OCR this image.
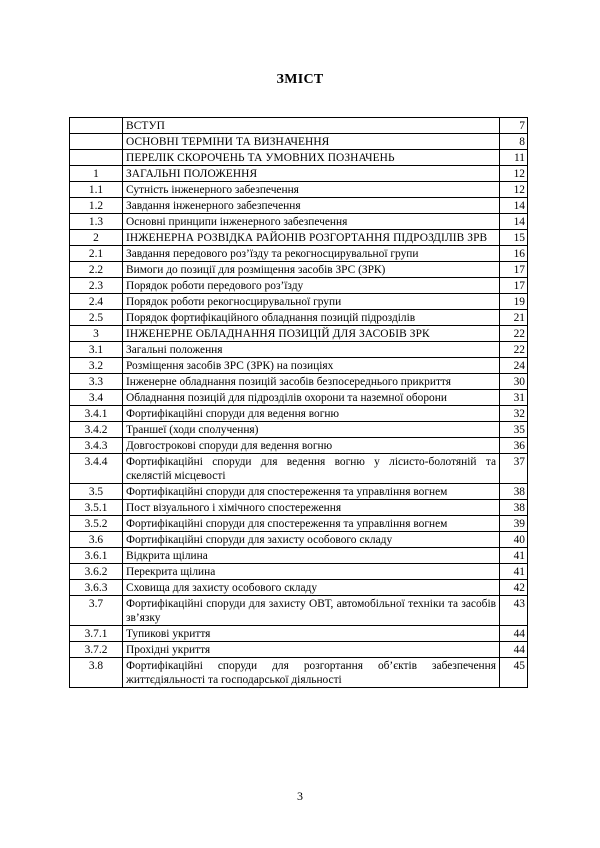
ЗМІСТ
	ВСТУП	7
	ОСНОВНІ ТЕРМІНИ ТА ВИЗНАЧЕННЯ	8
	ПЕРЕЛІК СКОРОЧЕНЬ ТА УМОВНИХ ПОЗНАЧЕНЬ	11
1	ЗАГАЛЬНІ ПОЛОЖЕННЯ	12
1.1	Сутність інженерного забезпечення	12
1.2	Завдання інженерного забезпечення	14
1.3	Основні принципи інженерного забезпечення	14
2	ІНЖЕНЕРНА РОЗВІДКА РАЙОНІВ РОЗГОРТАННЯ ПІДРОЗДІЛІВ ЗРВ	15
2.1	Завдання передового роз’їзду та рекогносцирувальної групи	16
2.2	Вимоги до позиції для розміщення засобів ЗРС (ЗРК)	17
2.3	Порядок роботи передового роз’їзду	17
2.4	Порядок роботи рекогносцирувальної групи	19
2.5	Порядок фортифікаційного обладнання позицій підрозділів	21
3	ІНЖЕНЕРНЕ ОБЛАДНАННЯ ПОЗИЦІЙ ДЛЯ ЗАСОБІВ ЗРК	22
3.1	Загальні положення	22
3.2	Розміщення засобів ЗРС (ЗРК) на позиціях	24
3.3	Інженерне обладнання позицій засобів безпосереднього прикриття	30
3.4	Обладнання позицій для підрозділів охорони та наземної оборони	31
3.4.1	Фортифікаційні споруди для ведення вогню	32
3.4.2	Траншеї (ходи сполучення)	35
3.4.3	Довгострокові споруди для ведення вогню	36
3.4.4	Фортифікаційні споруди для ведення вогню у лісисто-болотяній та скелястій місцевості	37
3.5	Фортифікаційні споруди для спостереження та управління вогнем	38
3.5.1	Пост візуального і хімічного спостереження	38
3.5.2	Фортифікаційні споруди для спостереження та управління вогнем	39
3.6	Фортифікаційні споруди для захисту особового складу	40
3.6.1	Відкрита щілина	41
3.6.2	Перекрита щілина	41
3.6.3	Сховища для захисту особового складу	42
3.7	Фортифікаційні споруди для захисту ОВТ, автомобільної техніки та засобів зв’язку	43
3.7.1	Тупикові укриття	44
3.7.2	Прохідні укриття	44
3.8	Фортифікаційні споруди для розгортання об’єктів забезпечення життєдіяльності та господарської діяльності	45
3
